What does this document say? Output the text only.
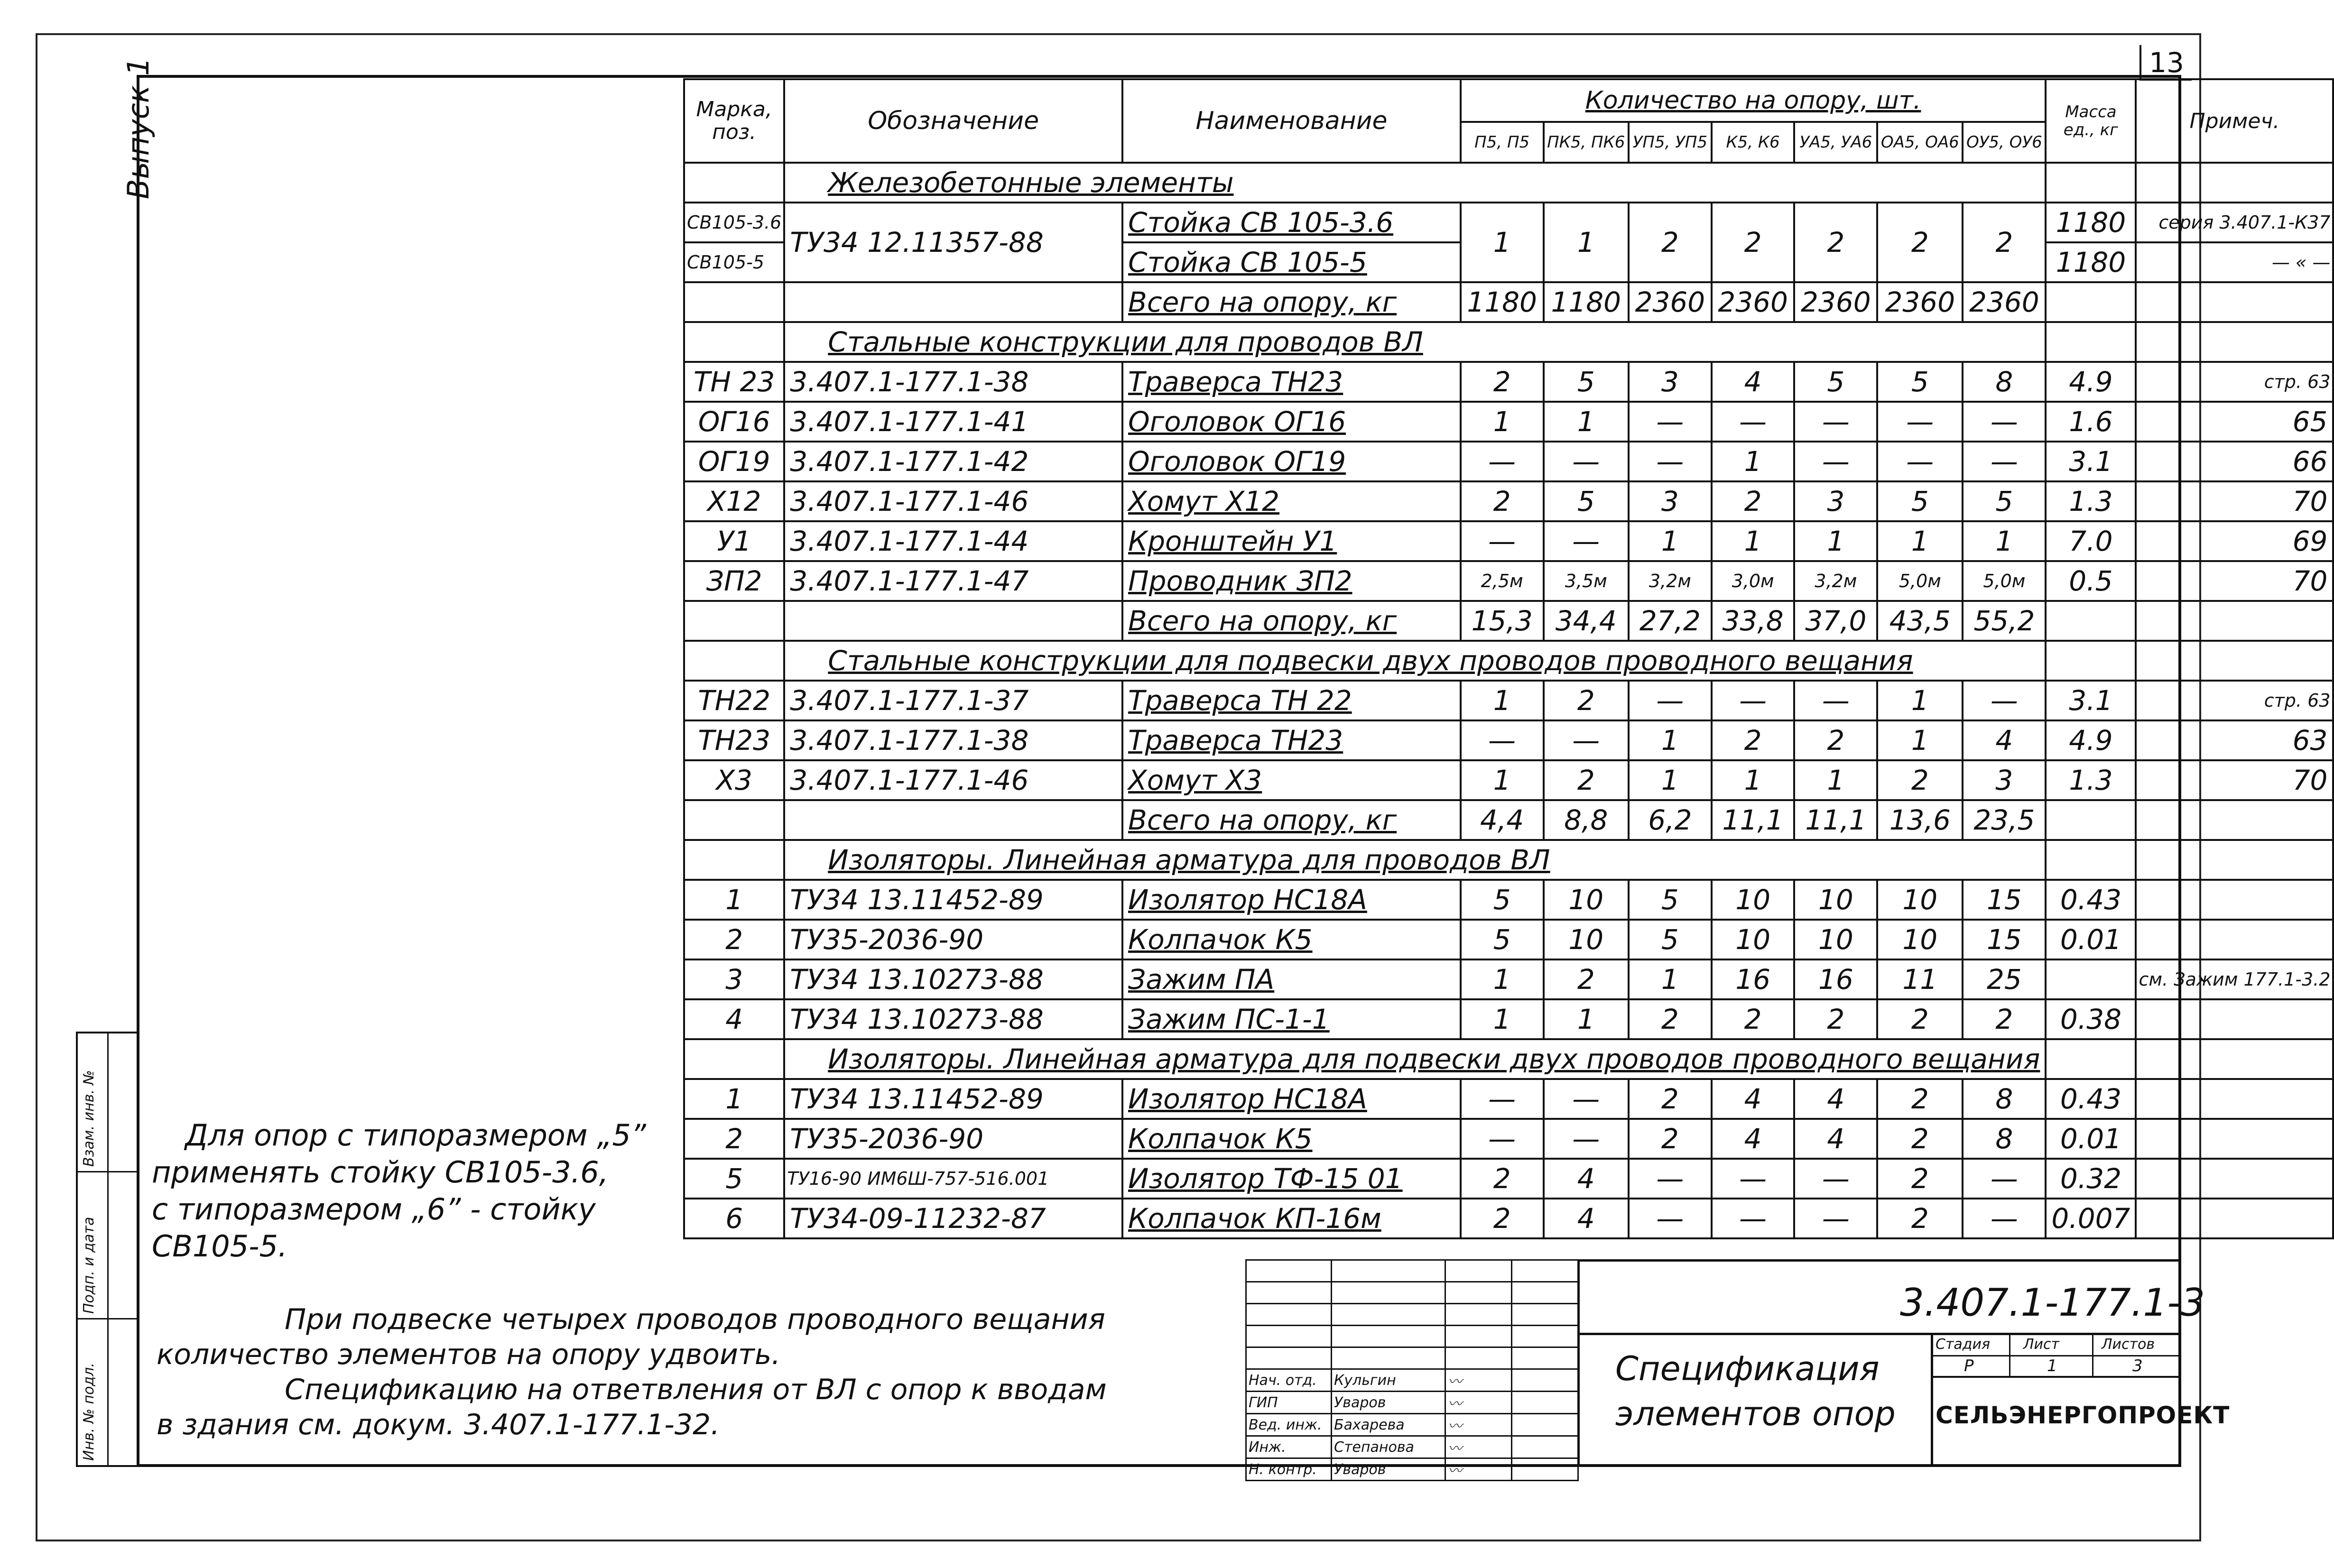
13
Выпуск 1
Инв. № подл.
Подп. и дата
Взам. инв. №
Марка, поз.	Обозначение	Наименование	Количество на опору, шт.							Масса ед., кг	Примеч.
			П5, П5	ПК5, ПК6	УП5, УП5	К5, К6	УА5, УА6	ОА5, ОА6	ОУ5, ОУ6		
	Железобетонные элементы										
СВ105-3.6	ТУ34 12.11357-88	Стойка СВ 105-3.6	1	1	2	2	2	2	2	1180	серия 3.407.1-К37
СВ105-5		Стойка СВ 105-5								1180	— « —
		Всего на опору, кг	1180	1180	2360	2360	2360	2360	2360		
	Стальные конструкции для проводов ВЛ										
ТН 23	3.407.1-177.1-38	Траверса ТН23	2	5	3	4	5	5	8	4.9	стр. 63
ОГ16	3.407.1-177.1-41	Оголовок ОГ16	1	1	—	—	—	—	—	1.6	65
ОГ19	3.407.1-177.1-42	Оголовок ОГ19	—	—	—	1	—	—	—	3.1	66
Х12	3.407.1-177.1-46	Хомут Х12	2	5	3	2	3	5	5	1.3	70
У1	3.407.1-177.1-44	Кронштейн У1	—	—	1	1	1	1	1	7.0	69
ЗП2	3.407.1-177.1-47	Проводник ЗП2	2,5м	3,5м	3,2м	3,0м	3,2м	5,0м	5,0м	0.5	70
		Всего на опору, кг	15,3	34,4	27,2	33,8	37,0	43,5	55,2		
	Стальные конструкции для подвески двух проводов проводного вещания										
ТН22	3.407.1-177.1-37	Траверса ТН 22	1	2	—	—	—	1	—	3.1	стр. 63
ТН23	3.407.1-177.1-38	Траверса ТН23	—	—	1	2	2	1	4	4.9	63
Х3	3.407.1-177.1-46	Хомут Х3	1	2	1	1	1	2	3	1.3	70
		Всего на опору, кг	4,4	8,8	6,2	11,1	11,1	13,6	23,5		
	Изоляторы. Линейная арматура для проводов ВЛ										
1	ТУ34 13.11452-89	Изолятор НС18А	5	10	5	10	10	10	15	0.43	
2	ТУ35-2036-90	Колпачок К5	5	10	5	10	10	10	15	0.01	
3	ТУ34 13.10273-88	Зажим ПА	1	2	1	16	16	11	25		см. Зажим 177.1-3.2
4	ТУ34 13.10273-88	Зажим ПС-1-1	1	1	2	2	2	2	2	0.38	
	Изоляторы. Линейная арматура для подвески двух проводов проводного вещания										
1	ТУ34 13.11452-89	Изолятор НС18А	—	—	2	4	4	2	8	0.43	
2	ТУ35-2036-90	Колпачок К5	—	—	2	4	4	2	8	0.01	
5	ТУ16-90 ИМ6Ш-757-516.001	Изолятор ТФ-15 01	2	4	—	—	—	2	—	0.32	
6	ТУ34-09-11232-87	Колпачок КП-16м	2	4	—	—	—	2	—	0.007	
Для опор с типоразмером „5”
применять стойку СВ105-3.6,
с типоразмером „6” - стойку
СВ105-5.
При подвеске четырех проводов проводного вещания
количество элементов на опору удвоить.
Спецификацию на ответвления от ВЛ с опор к вводам
в здания см. докум. 3.407.1-177.1-32.

Нач. отд.	Кульгин	〰	
ГИП	Уваров	〰	
Вед. инж.	Бахарева	〰	
Инж.	Степанова	〰	
Н. контр.	Уваров	〰	
3.407.1-177.1-3
Спецификация
элементов опор
Стадия Лист	Листов
Р	1	3
СЕЛЬЭНЕРГОПРОЕКТ
